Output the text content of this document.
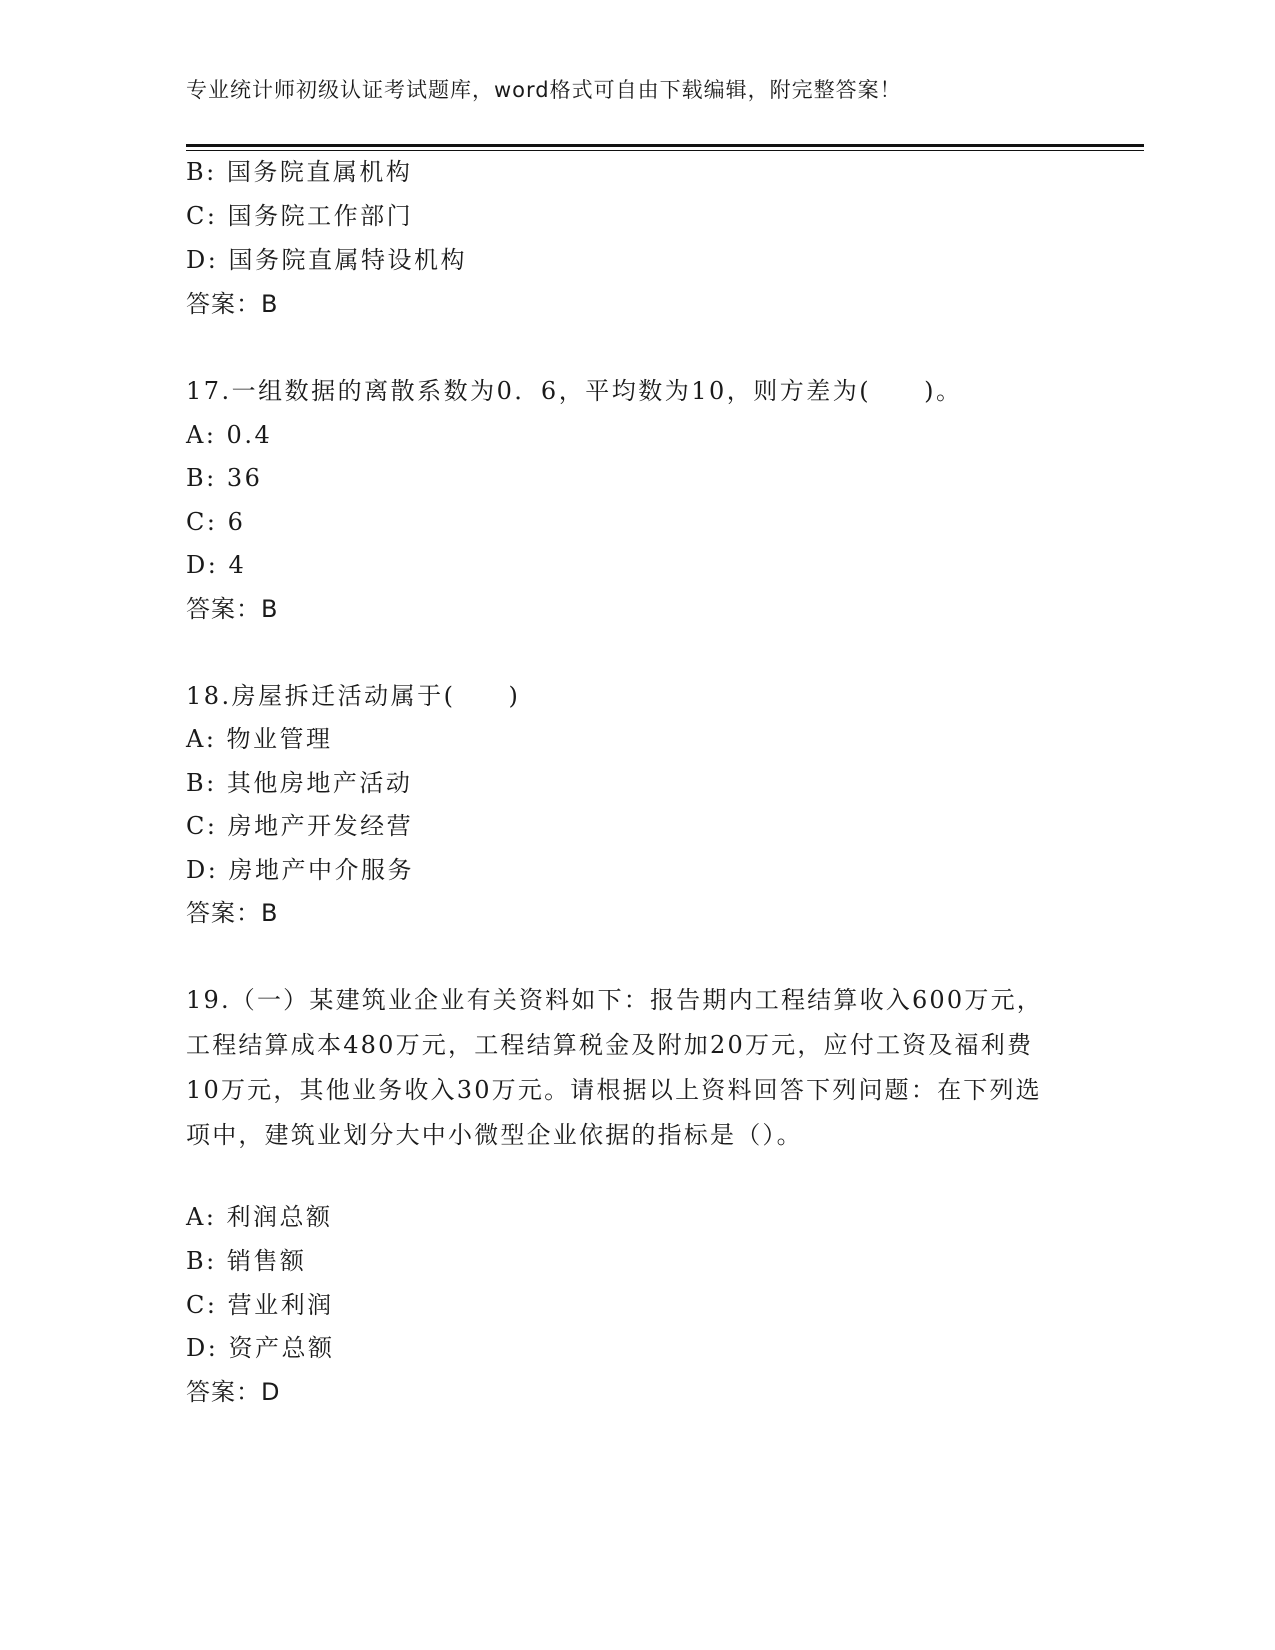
专业统计师初级认证考试题库，word格式可自由下载编辑，附完整答案！
B: 国务院直属机构
C: 国务院工作部门
D: 国务院直属特设机构
答案：B
17.一组数据的离散系数为0．6，平均数为10，则方差为(　　)。
A: 0.4
B: 36
C: 6
D: 4
答案：B
18.房屋拆迁活动属于(　　)
A: 物业管理
B: 其他房地产活动
C: 房地产开发经营
D: 房地产中介服务
答案：B
19.（一）某建筑业企业有关资料如下：报告期内工程结算收入600万元，工程结算成本480万元，工程结算税金及附加20万元，应付工资及福利费10万元，其他业务收入30万元。请根据以上资料回答下列问题：在下列选项中，建筑业划分大中小微型企业依据的指标是（）。
A: 利润总额
B: 销售额
C: 营业利润
D: 资产总额
答案：D
